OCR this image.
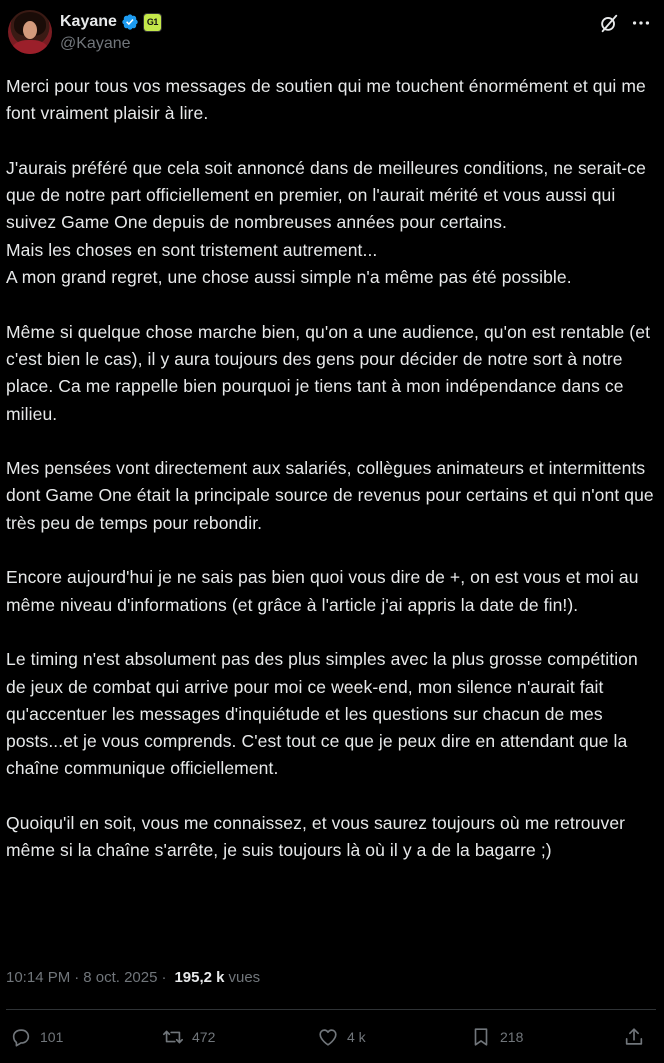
Kayane	G1
@Kayane

Merci pour tous vos messages de soutien qui me touchent énormément et qui me font vraiment plaisir à lire.

J'aurais préféré que cela soit annoncé dans de meilleures conditions, ne serait-ce que de notre part officiellement en premier, on l'aurait mérité et vous aussi qui suivez Game One depuis de nombreuses années pour certains.
Mais les choses en sont tristement autrement...
A mon grand regret, une chose aussi simple n'a même pas été possible.

Même si quelque chose marche bien, qu'on a une audience, qu'on est rentable (et c'est bien le cas), il y aura toujours des gens pour décider de notre sort à notre place. Ca me rappelle bien pourquoi je tiens tant à mon indépendance dans ce milieu.

Mes pensées vont directement aux salariés, collègues animateurs et intermittents dont Game One était la principale source de revenus pour certains et qui n'ont que très peu de temps pour rebondir.

Encore aujourd'hui je ne sais pas bien quoi vous dire de +, on est vous et moi au même niveau d'informations (et grâce à l'article j'ai appris la date de fin!).

Le timing n'est absolument pas des plus simples avec la plus grosse compétition de jeux de combat qui arrive pour moi ce week-end, mon silence n'aurait fait qu'accentuer les messages d'inquiétude et les questions sur chacun de mes posts...et je vous comprends. C'est tout ce que je peux dire en attendant que la chaîne communique officiellement.

Quoiqu'il en soit, vous me connaissez, et vous saurez toujours où me retrouver même si la chaîne s'arrête, je suis toujours là où il y a de la bagarre ;)

10:14 PM · 8 oct. 2025 · 195,2 k vues
101	472	4 k	218
